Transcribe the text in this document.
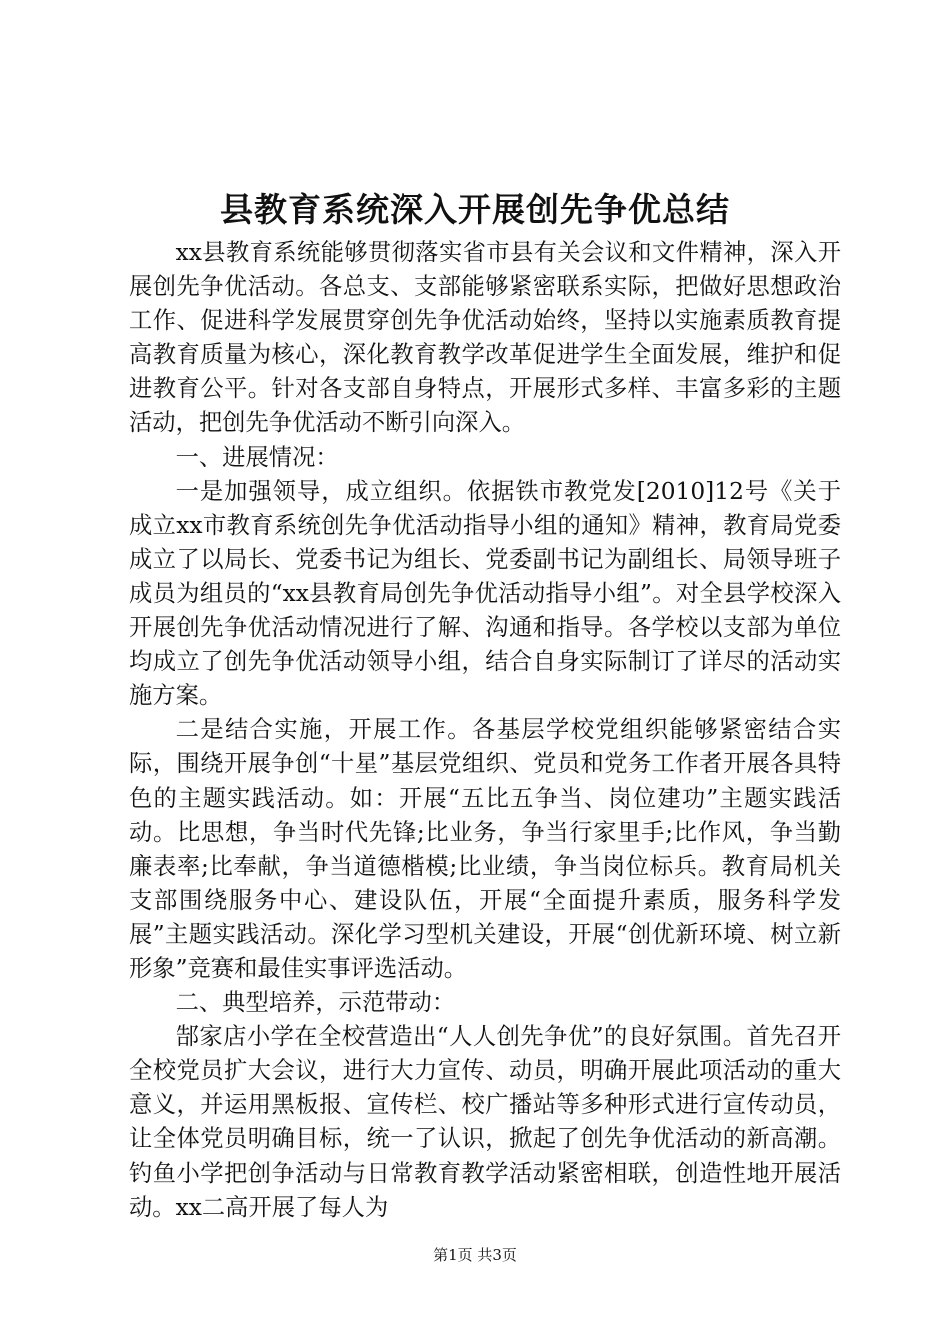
县教育系统深入开展创先争优总结

xx县教育系统能够贯彻落实省市县有关会议和文件精神，深入开展创先争优活动。各总支、支部能够紧密联系实际，把做好思想政治工作、促进科学发展贯穿创先争优活动始终，坚持以实施素质教育提高教育质量为核心，深化教育教学改革促进学生全面发展，维护和促进教育公平。针对各支部自身特点，开展形式多样、丰富多彩的主题活动，把创先争优活动不断引向深入。

一、进展情况：

一是加强领导，成立组织。依据铁市教党发[2010]12号《关于成立xx市教育系统创先争优活动指导小组的通知》精神，教育局党委成立了以局长、党委书记为组长、党委副书记为副组长、局领导班子成员为组员的“xx县教育局创先争优活动指导小组”。对全县学校深入开展创先争优活动情况进行了解、沟通和指导。各学校以支部为单位均成立了创先争优活动领导小组，结合自身实际制订了详尽的活动实施方案。

二是结合实施，开展工作。各基层学校党组织能够紧密结合实际，围绕开展争创“十星”基层党组织、党员和党务工作者开展各具特色的主题实践活动。如：开展“五比五争当、岗位建功”主题实践活动。比思想，争当时代先锋;比业务，争当行家里手;比作风，争当勤廉表率;比奉献，争当道德楷模;比业绩，争当岗位标兵。教育局机关支部围绕服务中心、建设队伍，开展“全面提升素质，服务科学发展”主题实践活动。深化学习型机关建设，开展“创优新环境、树立新形象”竞赛和最佳实事评选活动。

二、典型培养，示范带动：

郜家店小学在全校营造出“人人创先争优”的良好氛围。首先召开全校党员扩大会议，进行大力宣传、动员，明确开展此项活动的重大意义，并运用黑板报、宣传栏、校广播站等多种形式进行宣传动员，让全体党员明确目标，统一了认识，掀起了创先争优活动的新高潮。钓鱼小学把创争活动与日常教育教学活动紧密相联，创造性地开展活动。xx二高开展了每人为

第1页 共3页
